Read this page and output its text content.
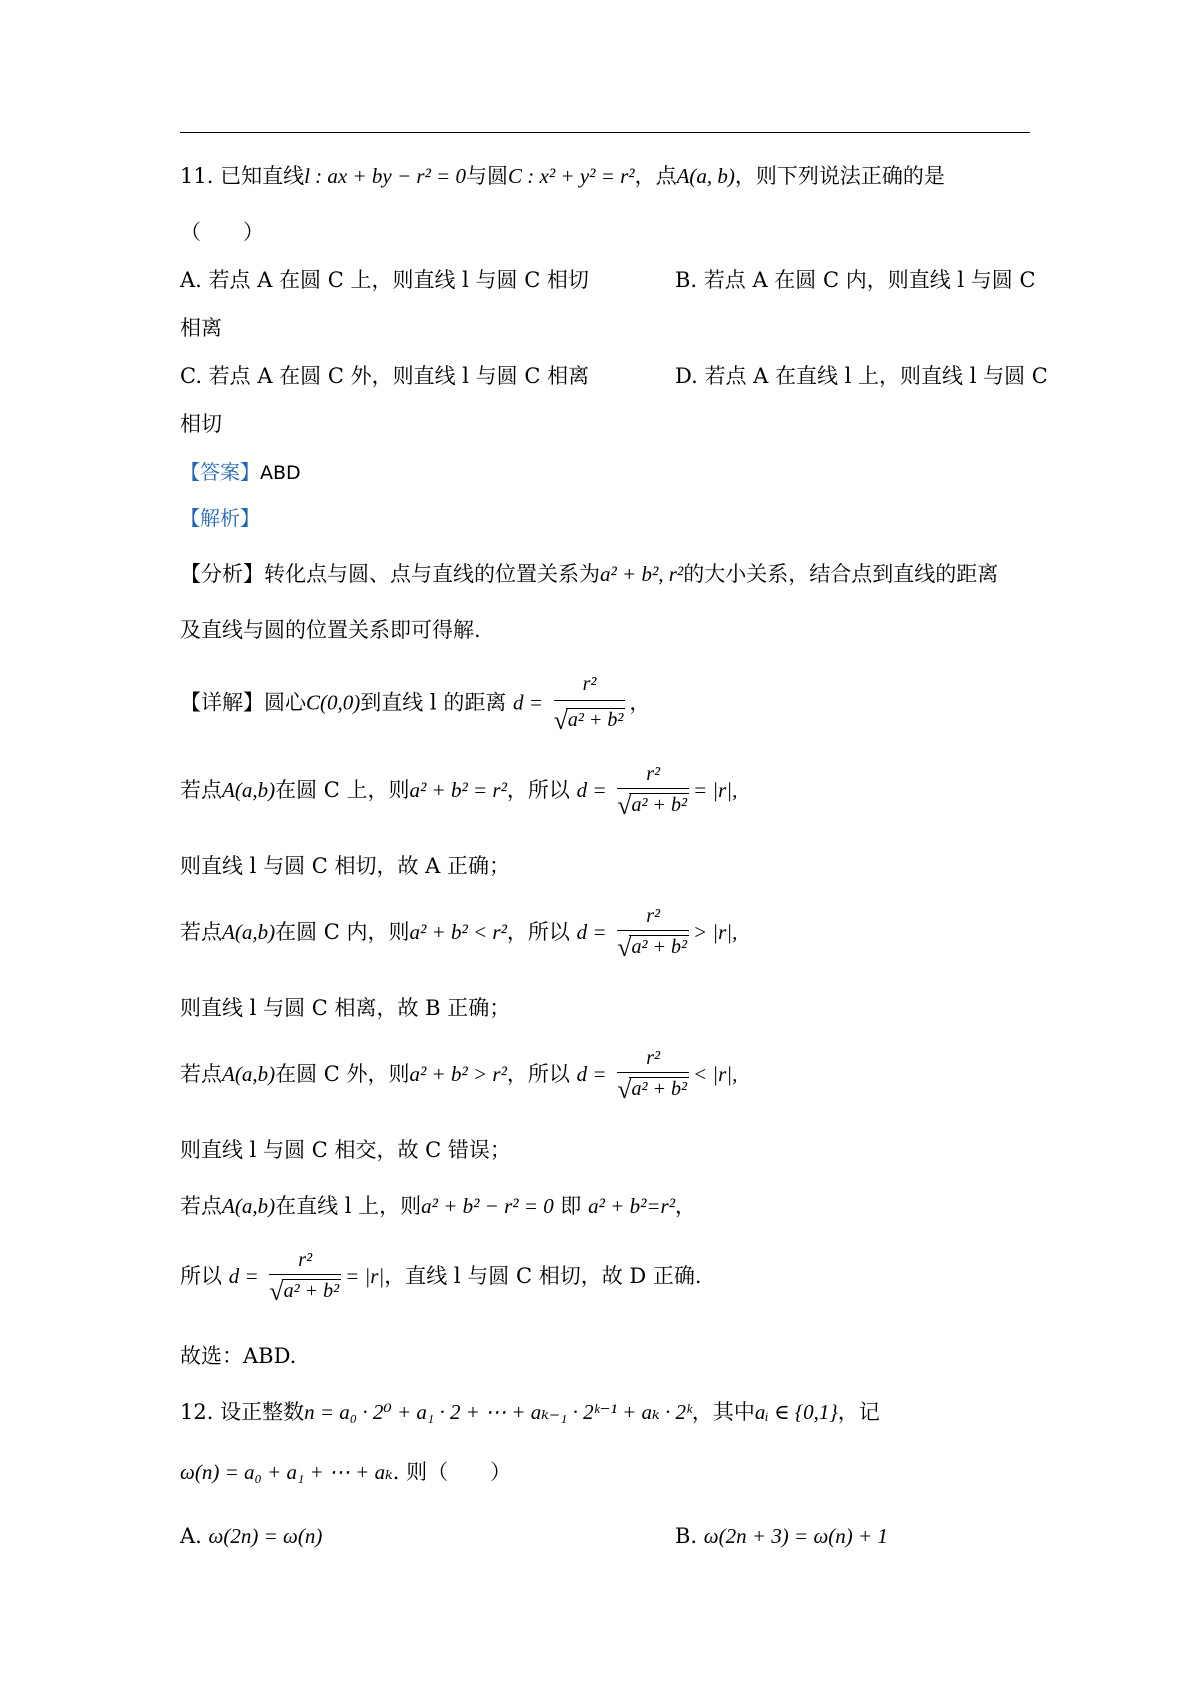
11. 已知直线l : ax + by − r² = 0与圆C : x² + y² = r²，点A(a, b)，则下列说法正确的是
（　　）
A. 若点 A 在圆 C 上，则直线 l 与圆 C 相切	B. 若点 A 在圆 C 内，则直线 l 与圆 C
相离
C. 若点 A 在圆 C 外，则直线 l 与圆 C 相离	D. 若点 A 在直线 l 上，则直线 l 与圆 C
相切
【答案】ABD
【解析】
【分析】转化点与圆、点与直线的位置关系为a² + b², r²的大小关系，结合点到直线的距离
及直线与圆的位置关系即可得解.
【详解】圆心C(0,0)到直线 l 的距离 $d = \frac{\text{r²}}{\text{√a² + b²}}$ ，
若点A(a,b)在圆 C 上，则a² + b² = r²，所以 $d = \frac{\text{r²}}{\text{√a² + b²}} = |r|$,
则直线 l 与圆 C 相切，故 A 正确；
若点A(a,b)在圆 C 内，则a² + b² < r²，所以 $d = \frac{\text{r²}}{\text{√a² + b²}} > |r|$,
则直线 l 与圆 C 相离，故 B 正确；
若点A(a,b)在圆 C 外，则a² + b² > r²，所以 $d = \frac{\text{r²}}{\text{√a² + b²}} < |r|$,
则直线 l 与圆 C 相交，故 C 错误；
若点A(a,b)在直线 l 上，则a² + b² − r² = 0 即 a² + b²=r²，
所以 $d = \frac{\text{r²}}{\text{√a² + b²}} = |r|$，直线 l 与圆 C 相切，故 D 正确.
故选：ABD.
12. 设正整数n = a₀ · 2⁰ + a₁ · 2 + ⋯ + aₖ₋₁ · 2ᵏ⁻¹ + aₖ · 2ᵏ，其中aᵢ ∈ {0,1}，记
ω(n) = a₀ + a₁ + ⋯ + aₖ. 则（　　）
A. ω(2n) = ω(n)	B. ω(2n + 3) = ω(n) + 1
